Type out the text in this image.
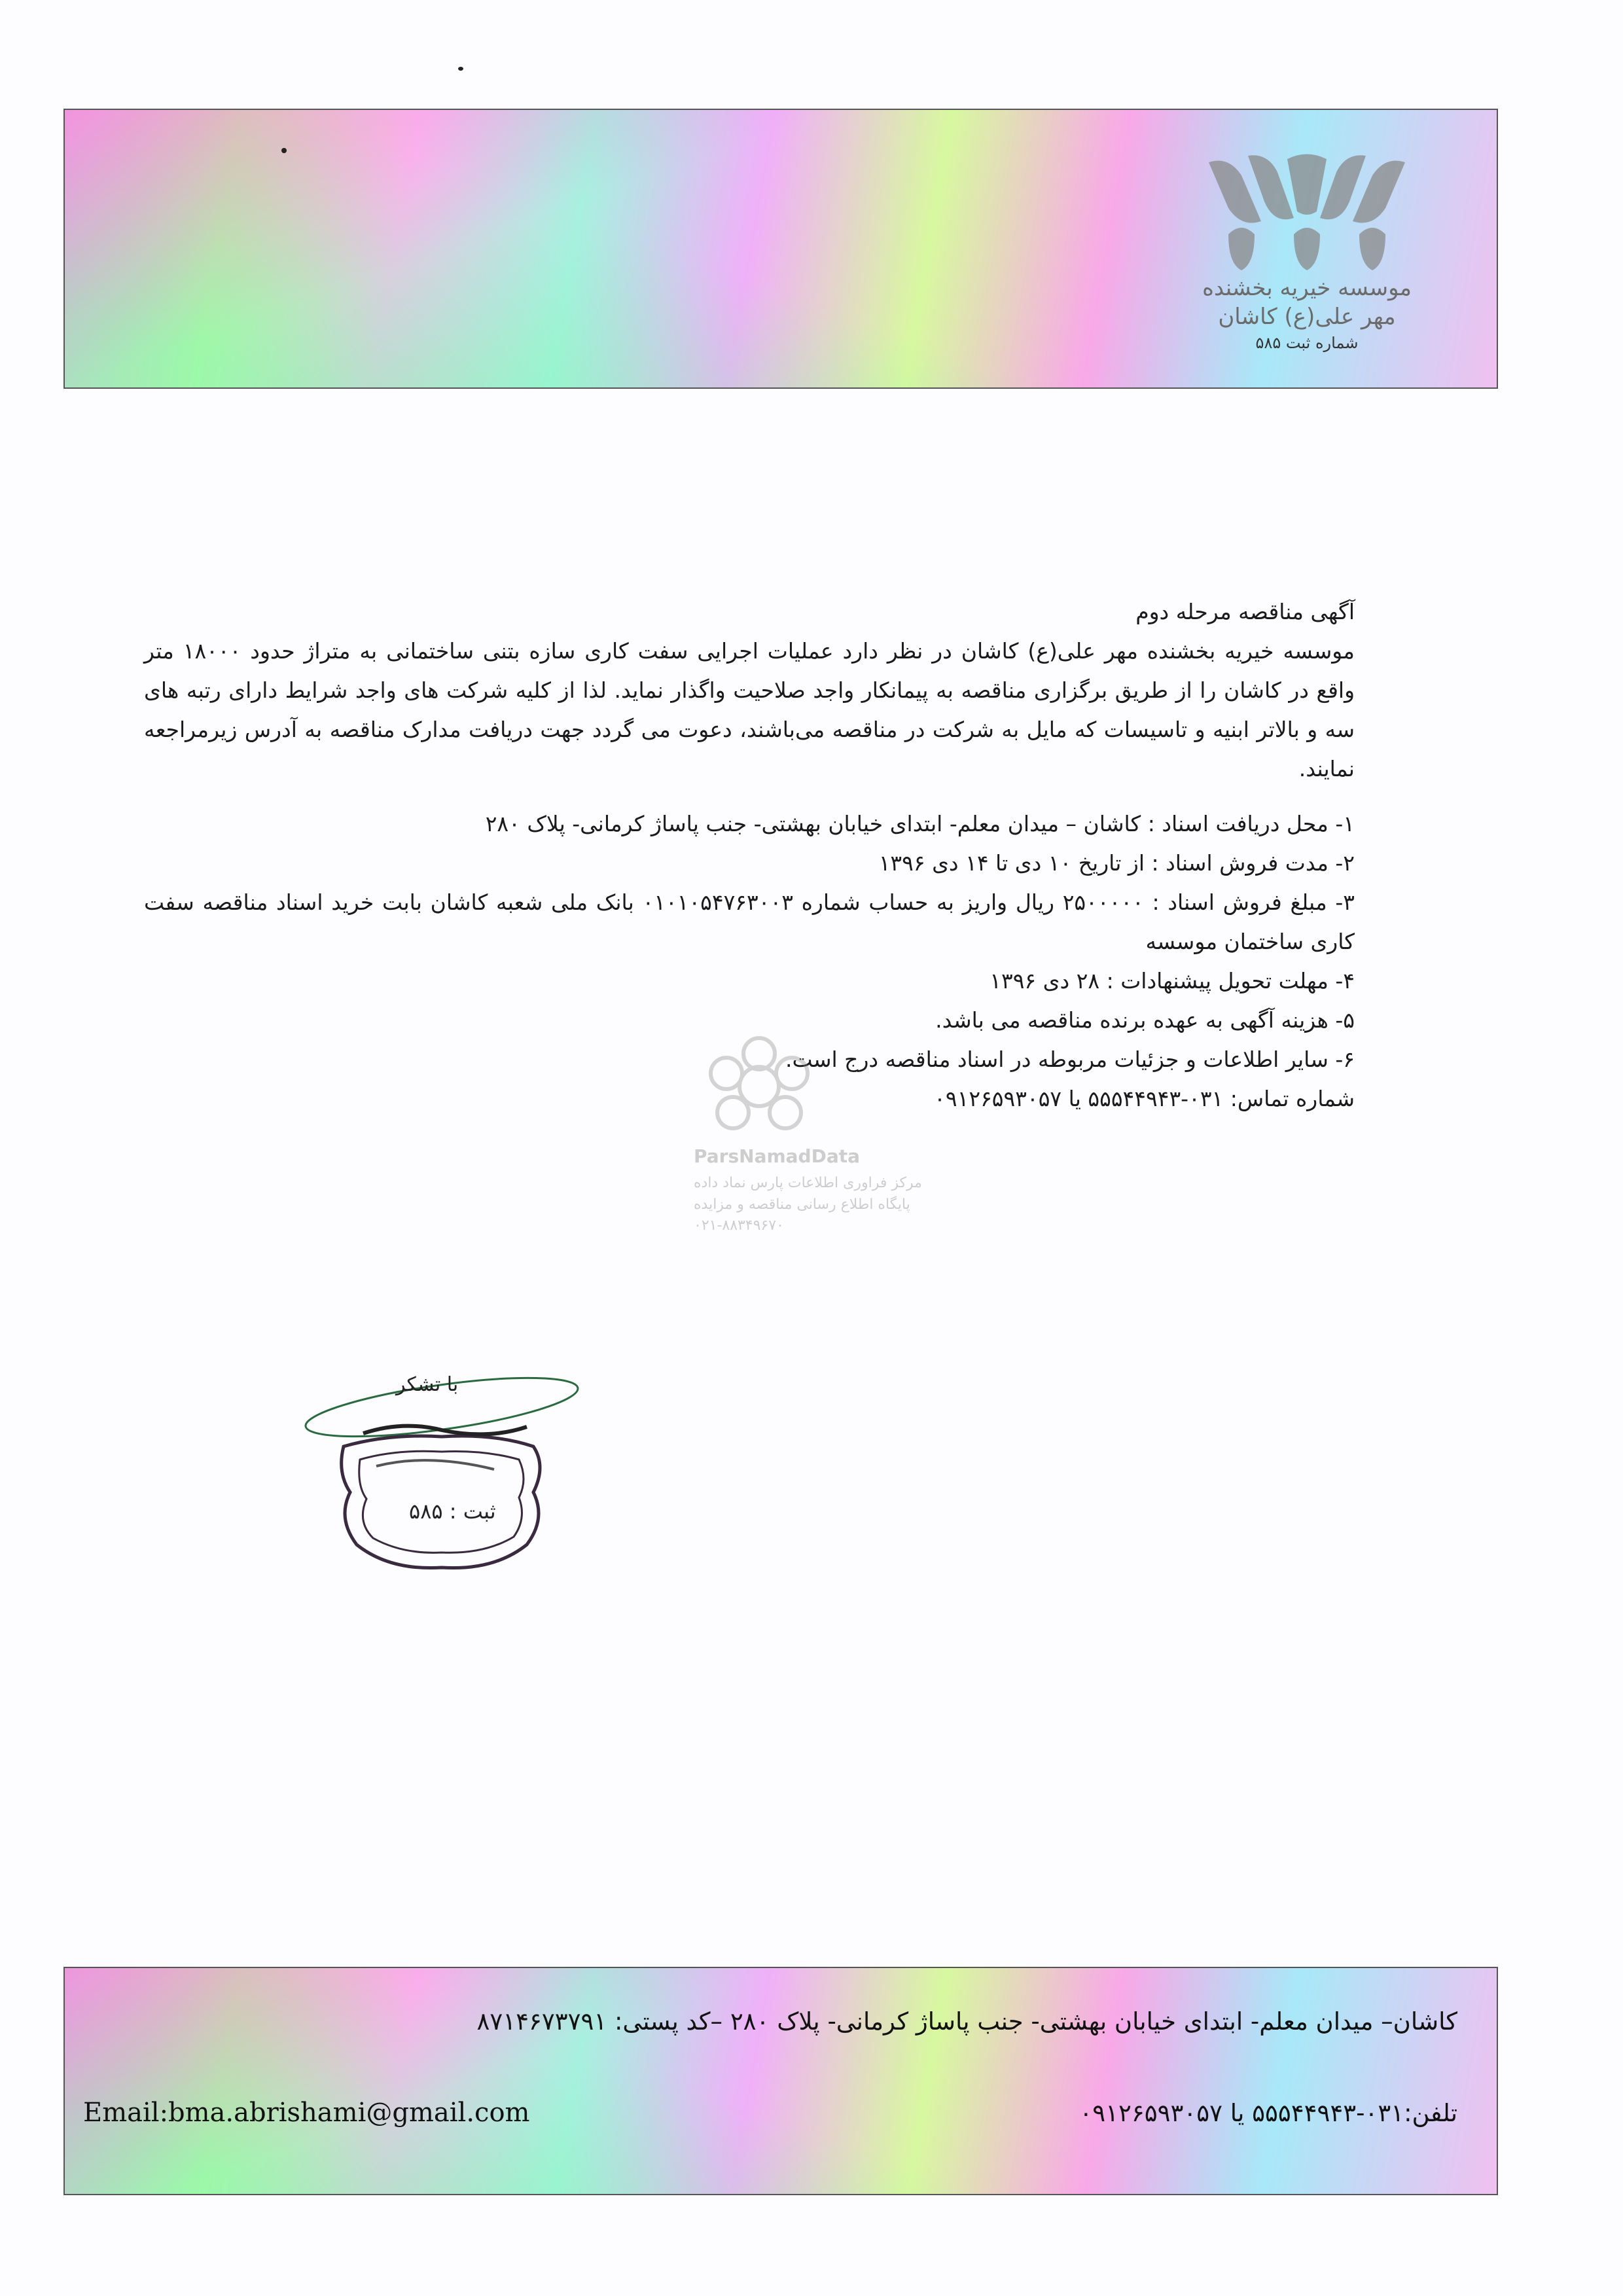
موسسه خیریه بخشنده مهر علی(ع) کاشان
شماره ثبت ۵۸۵

آگهی مناقصه مرحله دوم

موسسه خیریه بخشنده مهر علی(ع) کاشان در نظر دارد عملیات اجرایی سفت کاری سازه بتنی ساختمانی به متراژ حدود ۱۸۰۰۰ متر واقع در کاشان را از طریق برگزاری مناقصه به پیمانکار واجد صلاحیت واگذار نماید. لذا از کلیه شرکت های واجد شرایط دارای رتبه های سه و بالاتر ابنیه و تاسیسات که مایل به شرکت در مناقصه می‌باشند، دعوت می گردد جهت دریافت مدارک مناقصه به آدرس زیرمراجعه نمایند.

۱- محل دریافت اسناد : کاشان – میدان معلم- ابتدای خیابان بهشتی- جنب پاساژ کرمانی- پلاک ۲۸۰

۲- مدت فروش اسناد : از تاریخ ۱۰ دی تا ۱۴ دی ۱۳۹۶

۳- مبلغ فروش اسناد : ۲۵۰۰۰۰۰ ریال واریز به حساب شماره ۰۱۰۱۰۵۴۷۶۳۰۰۳ بانک ملی شعبه کاشان بابت خرید اسناد مناقصه سفت کاری ساختمان موسسه

۴- مهلت تحویل پیشنهادات : ۲۸ دی ۱۳۹۶

۵- هزینه آگهی به عهده برنده مناقصه می باشد.

۶- سایر اطلاعات و جزئیات مربوطه در اسناد مناقصه درج است.

شماره تماس: ۰۳۱-۵۵۵۴۴۹۴۳ یا ۰۹۱۲۶۵۹۳۰۵۷

ParsNamadData
مرکز فراوری اطلاعات پارس نماد داده
پایگاه اطلاع رسانی مناقصه و مزایده
۰۲۱-۸۸۳۴۹۶۷۰
با تشکر
ثبت : ۵۸۵
کاشان– میدان معلم- ابتدای خیابان بهشتی- جنب پاساژ کرمانی- پلاک ۲۸۰ –کد پستی: ۸۷۱۴۶۷۳۷۹۱
تلفن:۰۳۱-۵۵۵۴۴۹۴۳ یا ۰۹۱۲۶۵۹۳۰۵۷
Email:bma.abrishami@gmail.com
